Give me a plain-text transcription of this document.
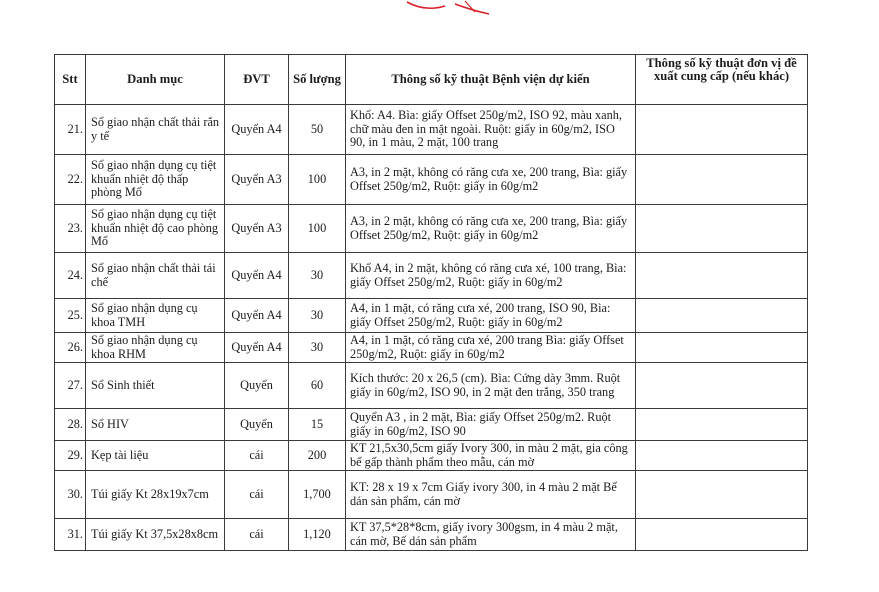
Stt	Danh mục	ĐVT	Số lượng	Thông số kỹ thuật Bệnh viện dự kiến	Thông số kỹ thuật đơn vị đề xuất cung cấp (nếu khác)
21.	Sổ giao nhận chất thải rắn y tế	Quyển A4	50	Khổ: A4. Bìa: giấy Offset 250g/m2, ISO 92, màu xanh, chữ màu đen in mặt ngoài. Ruột: giấy in 60g/m2, ISO 90, in 1 màu, 2 mặt, 100 trang	
22.	Sổ giao nhận dụng cụ tiệt khuẩn nhiệt độ thấp phòng Mổ	Quyển A3	100	A3, in 2 mặt, không có răng cưa xe, 200 trang, Bìa: giấy Offset 250g/m2, Ruột: giấy in 60g/m2	
23.	Sổ giao nhận dụng cụ tiệt khuẩn nhiệt độ cao phòng Mổ	Quyển A3	100	A3, in 2 mặt, không có răng cưa xe, 200 trang, Bìa: giấy Offset 250g/m2, Ruột: giấy in 60g/m2	
24.	Sổ giao nhận chất thải tái chế	Quyển A4	30	Khổ A4, in 2 mặt, không có răng cưa xé, 100 trang, Bìa: giấy Offset 250g/m2, Ruột: giấy in 60g/m2	
25.	Sổ giao nhận dụng cụ khoa TMH	Quyển A4	30	A4, in 1 mặt, có răng cưa xé, 200 trang, ISO 90, Bìa: giấy Offset 250g/m2, Ruột: giấy in 60g/m2	
26.	Sổ giao nhận dụng cụ khoa RHM	Quyển A4	30	A4, in 1 mặt, có răng cưa xé, 200 trang Bìa: giấy Offset 250g/m2, Ruột: giấy in 60g/m2	
27.	Sổ Sinh thiết	Quyển	60	Kích thước: 20 x 26,5 (cm). Bìa: Cứng dày 3mm. Ruột giấy in 60g/m2, ISO 90, in 2 mặt đen trắng, 350 trang	
28.	Sổ HIV	Quyển	15	Quyển A3 , in 2 mặt, Bìa: giấy Offset 250g/m2. Ruột giấy in 60g/m2, ISO 90	
29.	Kẹp tài liệu	cái	200	KT 21,5x30,5cm giấy Ivory 300, in màu 2 mặt, gia công bế gấp thành phẩm theo mẫu, cán mờ	
30.	Túi giấy Kt 28x19x7cm	cái	1,700	KT: 28 x 19 x 7cm Giấy ivory 300, in 4 màu 2 mặt Bế dán sản phẩm, cán mờ	
31.	Túi giấy Kt 37,5x28x8cm	cái	1,120	KT 37,5*28*8cm, giấy ivory 300gsm, in 4 màu 2 mặt, cán mờ, Bế dán sản phẩm	
